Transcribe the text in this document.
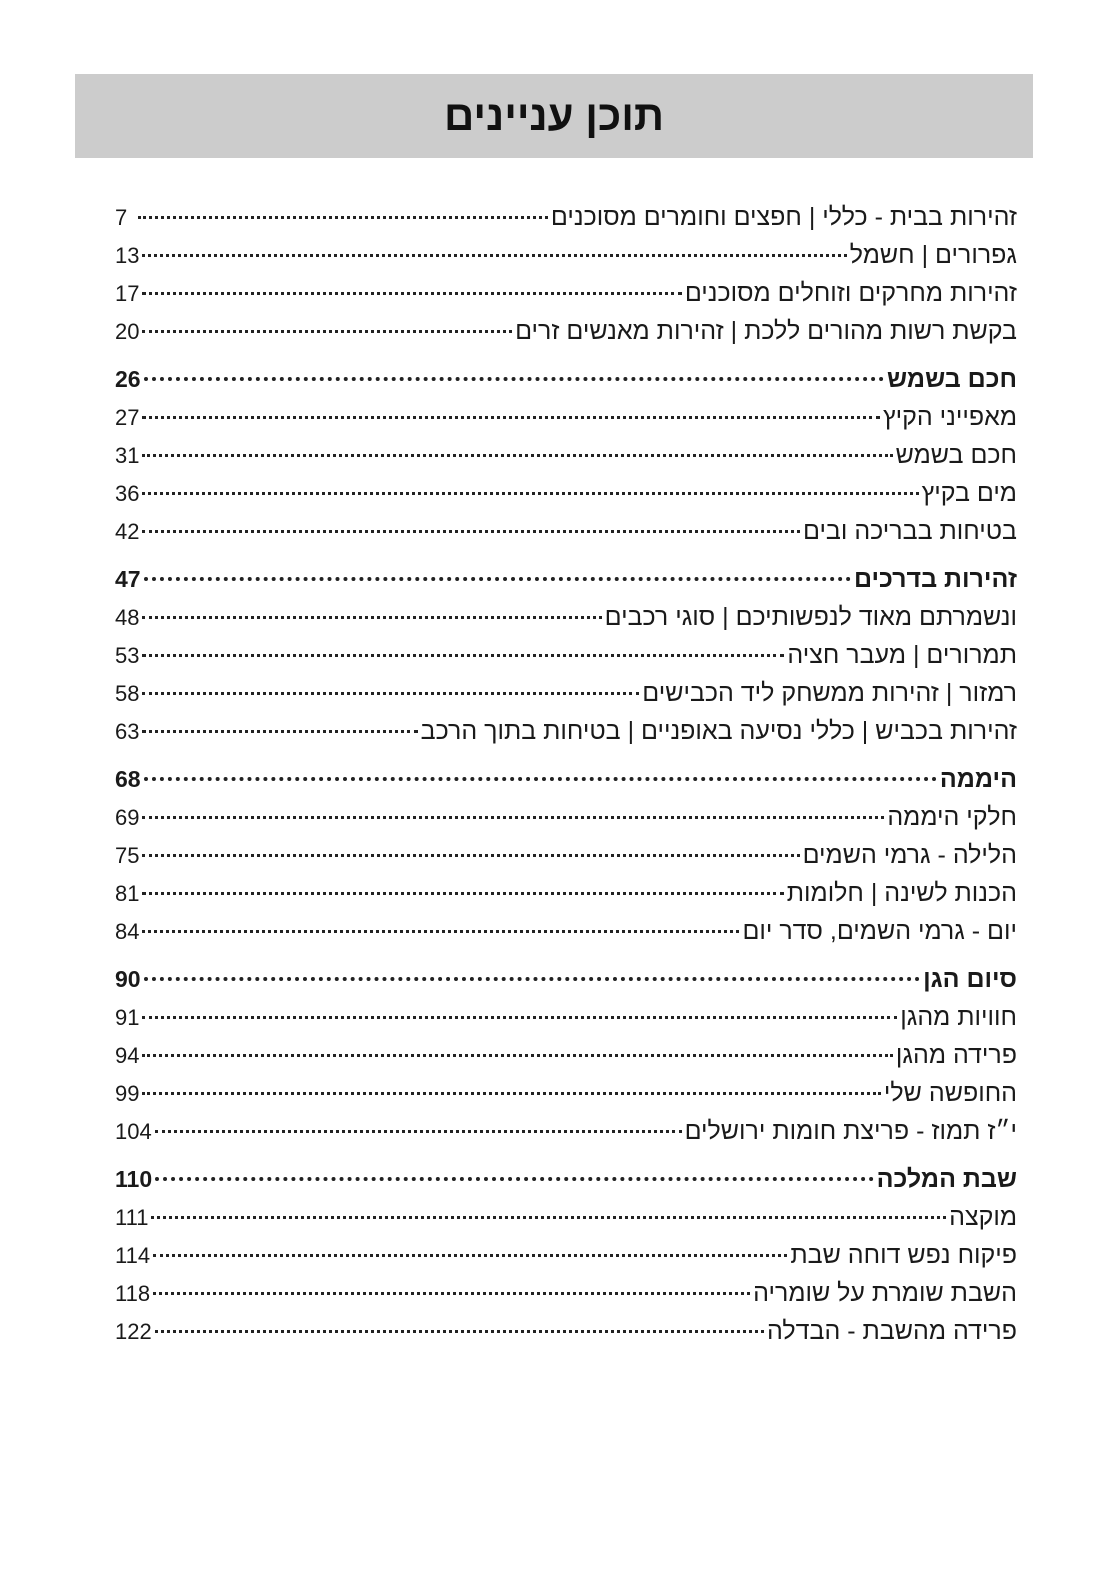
תוכן עניינים
זהירות בבית - כללי | חפצים וחומרים מסוכנים
7
גפרורים | חשמל
13
זהירות מחרקים וזוחלים מסוכנים
17
בקשת רשות מהורים ללכת | זהירות מאנשים זרים
20
חכם בשמש
26
מאפייני הקיץ
27
חכם בשמש
31
מים בקיץ
36
בטיחות בבריכה ובים
42
זהירות בדרכים
47
ונשמרתם מאוד לנפשותיכם | סוגי רכבים
48
תמרורים | מעבר חציה
53
רמזור | זהירות ממשחק ליד הכבישים
58
זהירות בכביש | כללי נסיעה באופניים | בטיחות בתוך הרכב
63
היממה
68
חלקי היממה
69
הלילה - גרמי השמים
75
הכנות לשינה | חלומות
81
יום - גרמי השמים, סדר יום
84
סיום הגן
90
חוויות מהגן
91
פרידה מהגן
94
החופשה שלי
99
י״ז תמוז - פריצת חומות ירושלים
104
שבת המלכה
110
מוקצה
111
פיקוח נפש דוחה שבת
114
השבת שומרת על שומריה
118
פרידה מהשבת - הבדלה
122
